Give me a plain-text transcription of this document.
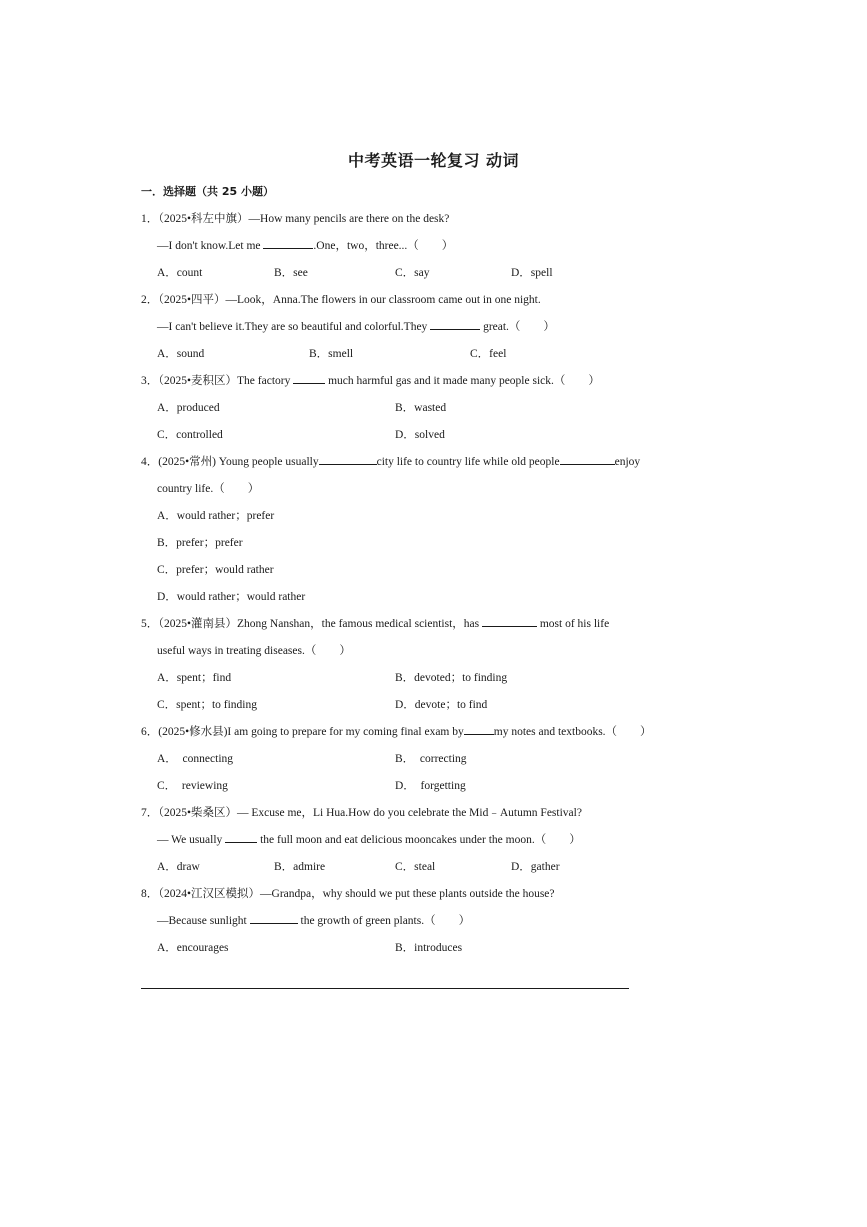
中考英语一轮复习 动词
一．选择题（共 25 小题）
1．（2025•科左中旗）—How many pencils are there on the desk?
—I don't know.Let me	.One，two，three...（　　）
A．count	B．see	C．say	D．spell
2．（2025•四平）—Look，Anna.The flowers in our classroom came out in one night.
—I can't believe it.They are so beautiful and colorful.They	great.（　　）
A．sound	B．smell	C．feel
3．（2025•麦积区）The factory	much harmful gas and it made many people sick.（　　）
A．produced	B．wasted
C．controlled	D．solved
4．(2025•常州) Young people usually	city life to country life while old people	enjoy
country life.（　　）
A．would rather；prefer
B．prefer；prefer
C．prefer；would rather
D．would rather；would rather
5．（2025•灌南县）Zhong Nanshan，the famous medical scientist，has	most of his life
useful ways in treating diseases.（　　）
A．spent；find	B．devoted；to finding
C．spent；to finding	D．devote；to find
6．(2025•修水县)I am going to prepare for my coming final exam by	my notes and textbooks.（　　）
A．　connecting	B．　correcting
C．　reviewing	D．　forgetting
7．（2025•柴桑区）— Excuse me，Li Hua.How do you celebrate the Mid﹣Autumn Festival?
— We usually	the full moon and eat delicious mooncakes under the moon.（　　）
A．draw	B．admire	C．steal	D．gather
8．（2024•江汉区模拟）—Grandpa，why should we put these plants outside the house?
—Because sunlight	the growth of green plants.（　　）
A．encourages	B．introduces
